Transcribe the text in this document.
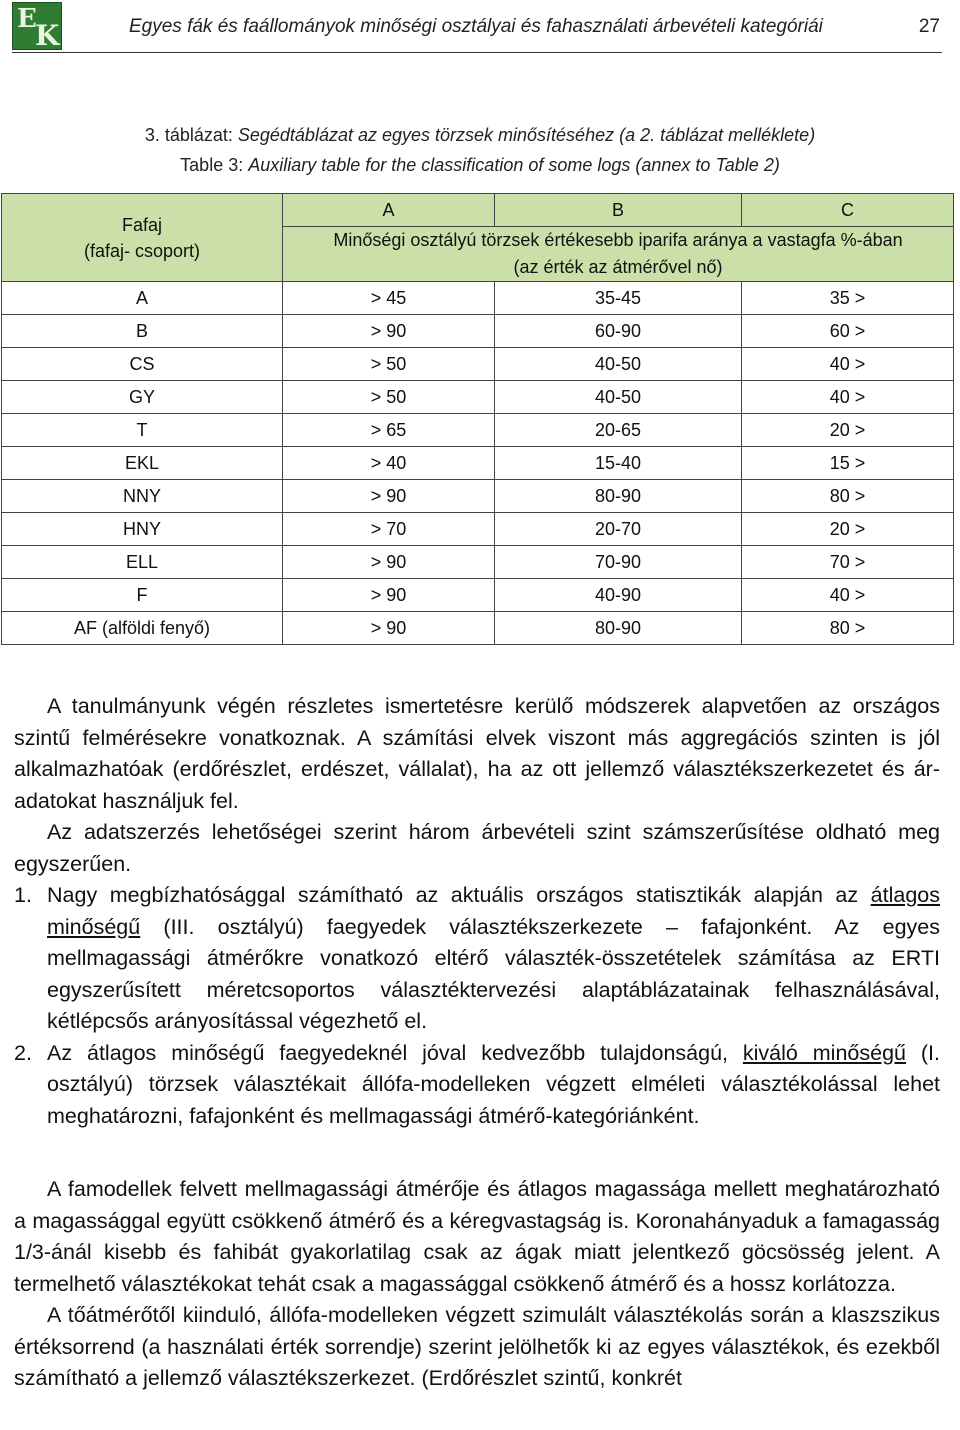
E
K	Egyes fák és faállományok minőségi osztályai és fahasználati árbevételi kategóriái	27
3. táblázat: Segédtáblázat az egyes törzsek minősítéséhez (a 2. táblázat melléklete)
Table 3: Auxiliary table for the classification of some logs (annex to Table 2)
Fafaj
(fafaj- csoport)	A	B	C
	Minőségi osztályú törzsek értékesebb iparifa aránya a vastagfa %-ában
(az érték az átmérővel nő)		
A	> 45	35-45	35 >
B	> 90	60-90	60 >
CS	> 50	40-50	40 >
GY	> 50	40-50	40 >
T	> 65	20-65	20 >
EKL	> 40	15-40	15 >
NNY	> 90	80-90	80 >
HNY	> 70	20-70	20 >
ELL	> 90	70-90	70 >
F	> 90	40-90	40 >
AF (alföldi fenyő)	> 90	80-90	80 >

A tanulmányunk végén részletes ismertetésre kerülő módszerek alapvetően az országos szintű felmérésekre vonatkoznak. A számítási elvek viszont más aggregációs szinten is jól alkalmazhatóak (erdőrészlet, erdészet, vállalat), ha az ott jellemző választékszerkezetet és ár-adatokat használjuk fel.

Az adatszerzés lehetőségei szerint három árbevételi szint számszerűsítése oldható meg egyszerűen.

1. Nagy megbízhatósággal számítható az aktuális országos statisztikák alapján az átlagos minőségű (III. osztályú) faegyedek választékszerkezete – fafajonként. Az egyes mellmagassági átmérőkre vonatkozó eltérő választék-összetételek számítása az ERTI egyszerűsített méretcsoportos választéktervezési alaptáblázatainak felhasználásával, kétlépcsős arányosítással végezhető el.

2. Az átlagos minőségű faegyedeknél jóval kedvezőbb tulajdonságú, kiváló minőségű (I. osztályú) törzsek választékait állófa-modelleken végzett elméleti választékolással lehet meghatározni, fafajonként és mellmagassági átmérő-kategóriánként.

A famodellek felvett mellmagassági átmérője és átlagos magassága mellett meghatározható a magassággal együtt csökkenő átmérő és a kéregvastagság is. Koronahányaduk a famagasság 1/3-ánál kisebb és fahibát gyakorlatilag csak az ágak miatt jelentkező göcsösség jelent. A termelhető választékokat tehát csak a magassággal csökkenő átmérő és a hossz korlátozza.

A tőátmérőtől kiinduló, állófa-modelleken végzett szimulált választékolás során a klaszszikus értéksorrend (a használati érték sorrendje) szerint jelölhetők ki az egyes választékok, és ezekből számítható a jellemző választékszerkezet. (Erdőrészlet szintű, konkrét
